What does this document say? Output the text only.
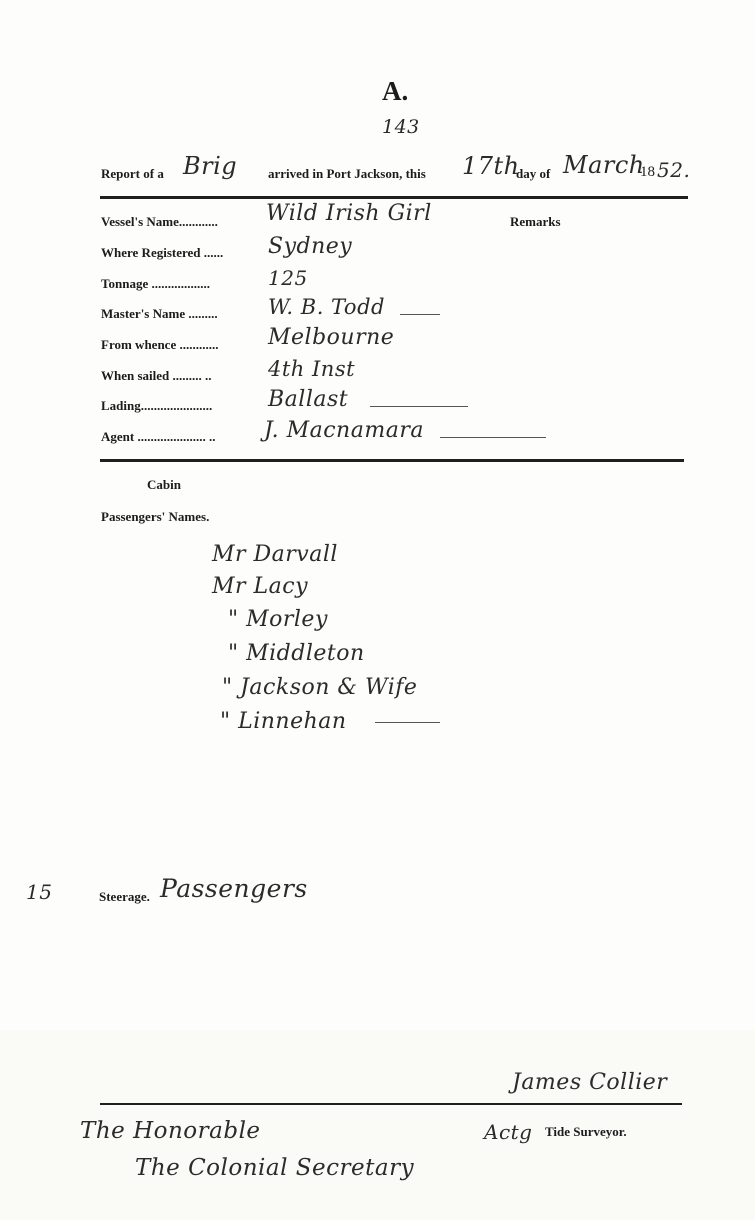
A.
143
Report of a Brig arrived in Port Jackson, this 17th
day of March
18 52.
Vessel's Name............ Wild Irish Girl	Remarks
Where Registered ...... Sydney
Tonnage ..................	125
Master's Name ......... W. B. Todd
From whence ............ Melbourne
When sailed ......... ..	4th Inst
Lading......................	Ballast
Agent ..................... .. J. Macnamara
Cabin
Passengers' Names.
Mr Darvall
Mr Lacy
" Morley
" Middleton
" Jackson & Wife
" Linnehan
15	Steerage. Passengers
James Collier
Actg Tide Surveyor.
The Honorable
The Colonial Secretary
